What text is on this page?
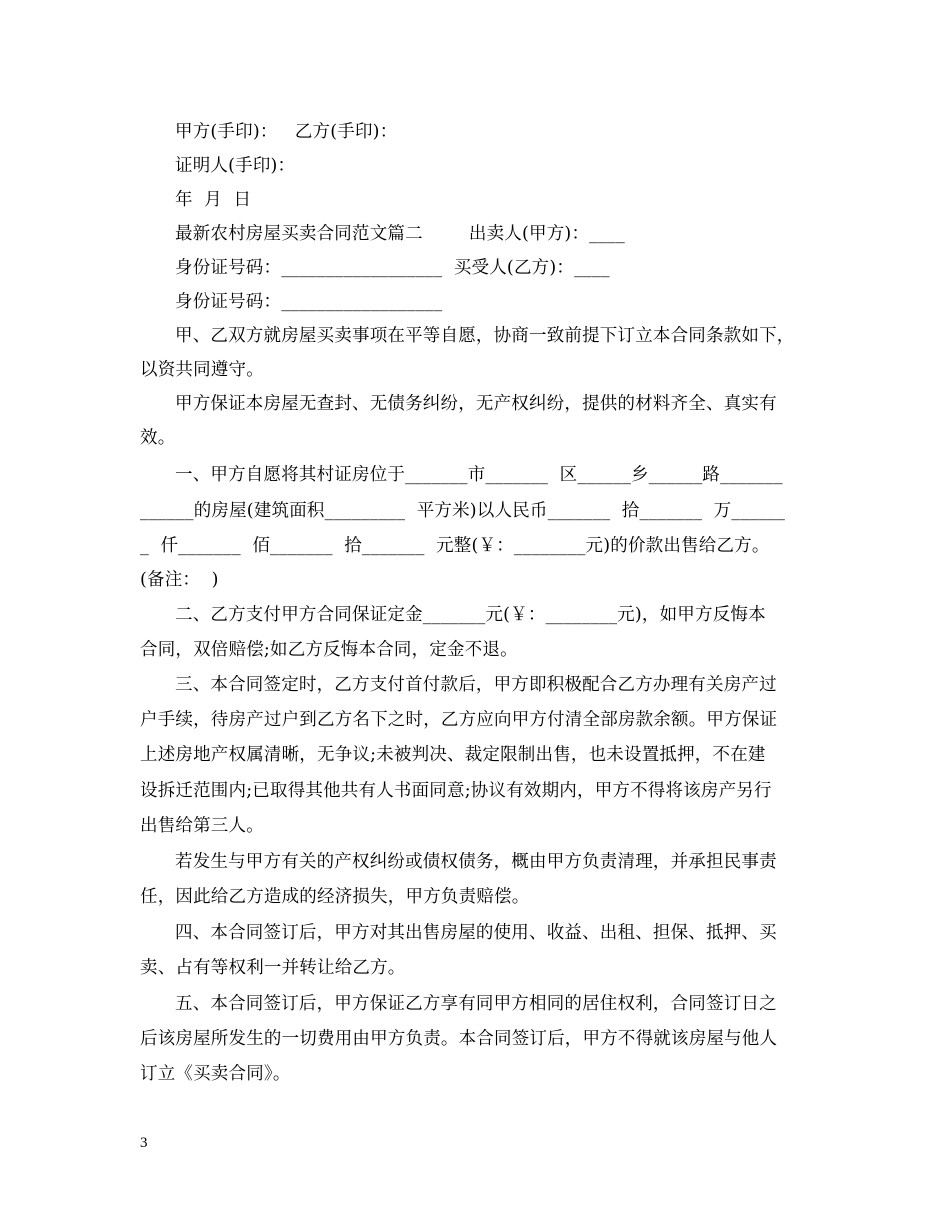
甲方(手印)：   乙方(手印)：
证明人(手印)：
年  月  日
最新农村房屋买卖合同范文篇二        出卖人(甲方)：____
身份证号码：__________________  买受人(乙方)：____
身份证号码：__________________
甲、乙双方就房屋买卖事项在平等自愿，协商一致前提下订立本合同条款如下，
以资共同遵守。
甲方保证本房屋无查封、无债务纠纷，无产权纠纷，提供的材料齐全、真实有
效。
一、甲方自愿将其村证房位于_______市_______  区______乡______路_______
______的房屋(建筑面积_________  平方米)以人民币_______  拾_______  万______
_  仟_______  佰_______  拾_______  元整(￥：________元)的价款出售给乙方。
(备注：  )
二、乙方支付甲方合同保证定金_______元(￥：________元)，如甲方反悔本
合同，双倍赔偿;如乙方反悔本合同，定金不退。
三、本合同签定时，乙方支付首付款后，甲方即积极配合乙方办理有关房产过
户手续，待房产过户到乙方名下之时，乙方应向甲方付清全部房款余额。甲方保证
上述房地产权属清晰，无争议;未被判决、裁定限制出售，也未设置抵押，不在建
设拆迁范围内;已取得其他共有人书面同意;协议有效期内，甲方不得将该房产另行
出售给第三人。
若发生与甲方有关的产权纠纷或债权债务，概由甲方负责清理，并承担民事责
任，因此给乙方造成的经济损失，甲方负责赔偿。
四、本合同签订后，甲方对其出售房屋的使用、收益、出租、担保、抵押、买
卖、占有等权利一并转让给乙方。
五、本合同签订后，甲方保证乙方享有同甲方相同的居住权利，合同签订日之
后该房屋所发生的一切费用由甲方负责。本合同签订后，甲方不得就该房屋与他人
订立《买卖合同》。
3
